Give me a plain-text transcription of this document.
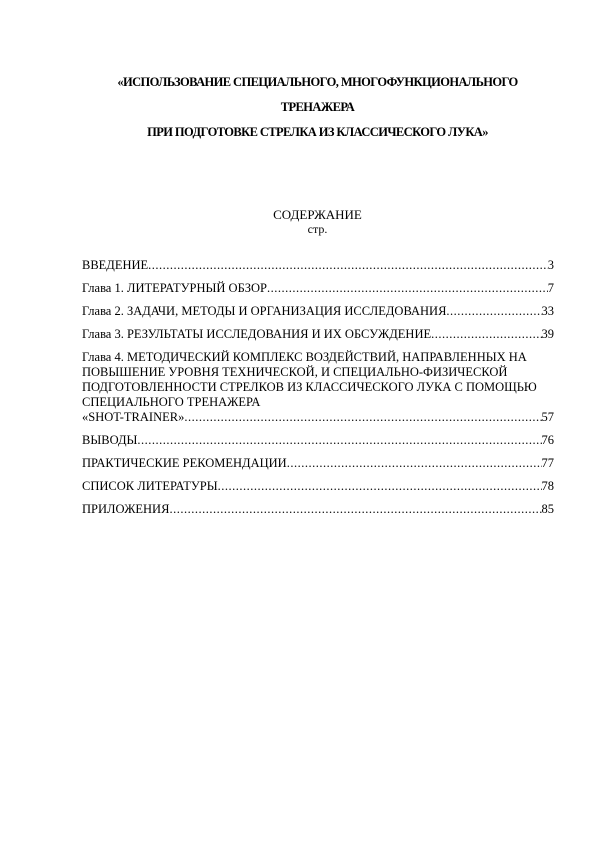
«ИСПОЛЬЗОВАНИЕ СПЕЦИАЛЬНОГО, МНОГОФУНКЦИОНАЛЬНОГО
ТРЕНАЖЕРА
ПРИ ПОДГОТОВКЕ СТРЕЛКА ИЗ КЛАССИЧЕСКОГО ЛУКА»
СОДЕРЖАНИЕ
стр.
ВВЕДЕНИЕ .....	3
Глава 1. ЛИТЕРАТУРНЫЙ ОБЗОР .....	7
Глава 2. ЗАДАЧИ, МЕТОДЫ И ОРГАНИЗАЦИЯ ИССЛЕДОВАНИЯ .....	33
Глава 3. РЕЗУЛЬТАТЫ ИССЛЕДОВАНИЯ И ИХ ОБСУЖДЕНИЕ .....	39
Глава 4. МЕТОДИЧЕСКИЙ КОМПЛЕКС ВОЗДЕЙСТВИЙ, НАПРАВЛЕННЫХ НА ПОВЫШЕНИЕ УРОВНЯ ТЕХНИЧЕСКОЙ, И СПЕЦИАЛЬНО-ФИЗИЧЕСКОЙ ПОДГОТОВЛЕННОСТИ СТРЕЛКОВ ИЗ КЛАССИЧЕСКОГО ЛУКА С ПОМОЩЬЮ СПЕЦИАЛЬНОГО ТРЕНАЖЕРА
«SHOT-TRAINER» .....	57
ВЫВОДЫ .....	76
ПРАКТИЧЕСКИЕ РЕКОМЕНДАЦИИ .....	77
СПИСОК ЛИТЕРАТУРЫ .....	78
ПРИЛОЖЕНИЯ .....	85
